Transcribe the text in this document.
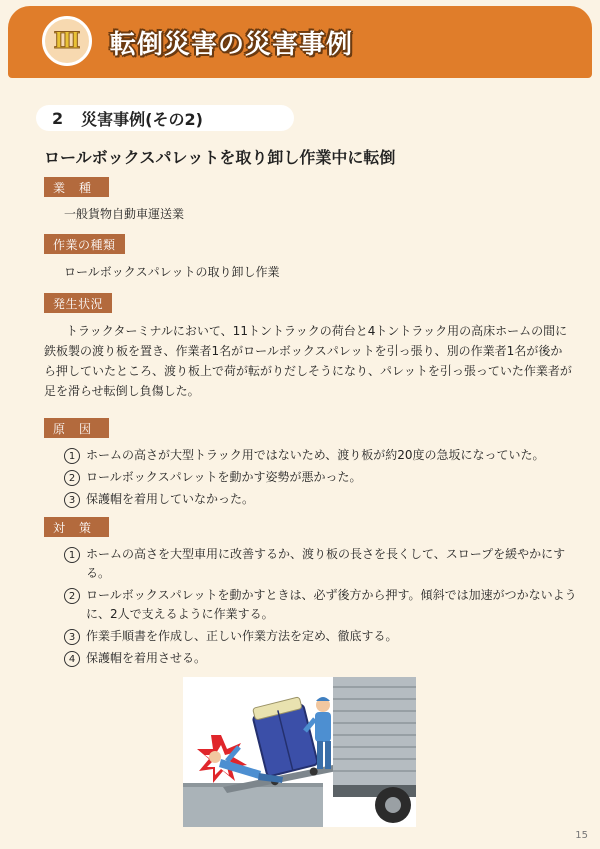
Ⅲ	転倒災害の災害事例
2 災害事例(その2)
ロールボックスパレットを取り卸し作業中に転倒
業種
一般貨物自動車運送業
作業の種類
ロールボックスパレットの取り卸し作業
発生状況

トラックターミナルにおいて、11トントラックの荷台と4トントラック用の高床ホームの間に鉄板製の渡り板を置き、作業者1名がロールボックスパレットを引っ張り、別の作業者1名が後から押していたところ、渡り板上で荷が転がりだしそうになり、パレットを引っ張っていた作業者が足を滑らせ転倒し負傷した。

原因
1 ホームの高さが大型トラック用ではないため、渡り板が約20度の急坂になっていた。
2 ロールボックスパレットを動かす姿勢が悪かった。
3 保護帽を着用していなかった。
対策
1 ホームの高さを大型車用に改善するか、渡り板の長さを長くして、スロープを緩やかにする。
2 ロールボックスパレットを動かすときは、必ず後方から押す。傾斜では加速がつかないように、2人で支えるように作業する。
3 作業手順書を作成し、正しい作業方法を定め、徹底する。
4 保護帽を着用させる。
15
